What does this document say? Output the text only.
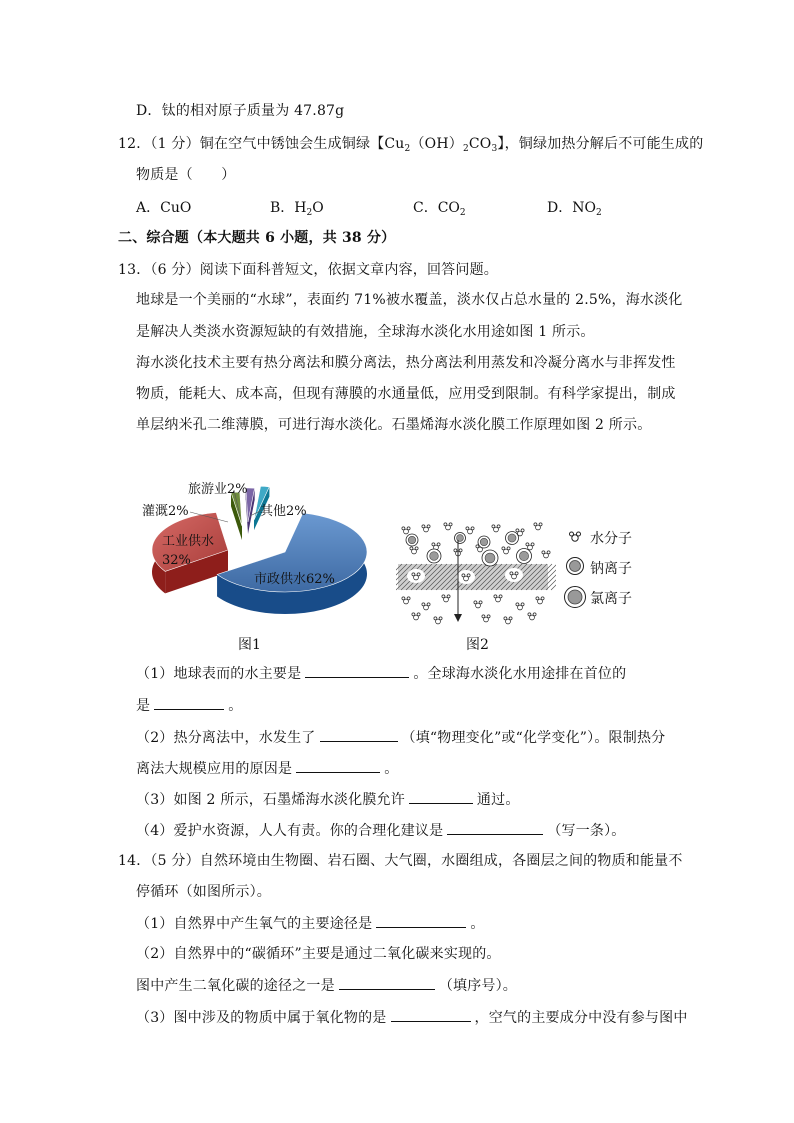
D．钛的相对原子质量为 47.87g
12．（1 分）铜在空气中锈蚀会生成铜绿【$Cu_2(OH)_2CO_3$】，铜绿加热分解后不可能生成的
物质是（　　）
A．CuO	B．$H_2O$	C．$CO_2$	D．$NO_2$
二、综合题（本大题共 6 小题，共 38 分）
13．（6 分）阅读下面科普短文，依据文章内容，回答问题。
地球是一个美丽的“水球”，表面约 71%被水覆盖，淡水仅占总水量的 2.5%，海水淡化
是解决人类淡水资源短缺的有效措施，全球海水淡化水用途如图 1 所示。
海水淡化技术主要有热分离法和膜分离法，热分离法利用蒸发和冷凝分离水与非挥发性
物质，能耗大、成本高，但现有薄膜的水通量低，应用受到限制。有科学家提出，制成
单层纳米孔二维薄膜，可进行海水淡化。石墨烯海水淡化膜工作原理如图 2 所示。
旅游业2%
灌溉2%	其他2%
工业供水 32%
市政供水62%
图1
水分子
钠离子
氯离子
图2
（1）地球表而的水主要是	。全球海水淡化水用途排在首位的
是	。
（2）热分离法中，水发生了	（填“物理变化”或“化学变化”）。限制热分
离法大规模应用的原因是	。
（3）如图 2 所示，石墨烯海水淡化膜允许	通过。
（4）爱护水资源，人人有责。你的合理化建议是	（写一条）。
14．（5 分）自然环境由生物圈、岩石圈、大气圈，水圈组成，各圈层之间的物质和能量不
停循环（如图所示）。
（1）自然界中产生氧气的主要途径是	。
（2）自然界中的“碳循环”主要是通过二氧化碳来实现的。
图中产生二氧化碳的途径之一是	（填序号）。
（3）图中涉及的物质中属于氧化物的是	，空气的主要成分中没有参与图中
